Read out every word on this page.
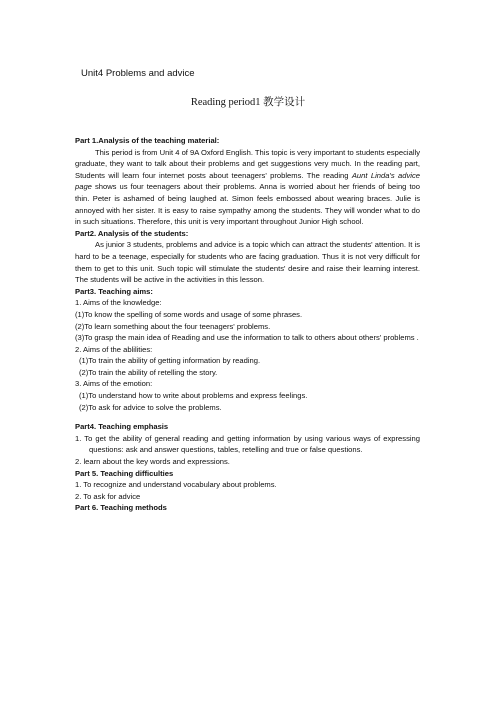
Unit4 Problems and advice
Reading period1 教学设计

Part 1.Analysis of the teaching material:

This period is from Unit 4 of 9A Oxford English. This topic is very important to students especially graduate, they want to talk about their problems and get suggestions very much. In the reading part, Students will learn four internet posts about teenagers' problems. The reading Aunt Linda's advice page shows us four teenagers about their problems. Anna is worried about her friends of being too thin. Peter is ashamed of being laughed at. Simon feels embossed about wearing braces. Julie is annoyed with her sister. It is easy to raise sympathy among the students. They will wonder what to do in such situations. Therefore, this unit is very important throughout Junior High school.

Part2. Analysis of the students:

As junior 3 students, problems and advice is a topic which can attract the students' attention. It is hard to be a teenage, especially for students who are facing graduation. Thus it is not very difficult for them to get to this unit. Such topic will stimulate the students' desire and raise their learning interest. The students will be active in the activities in this lesson.

Part3. Teaching aims:

1. Aims of the knowledge:

(1)To know the spelling of some words and usage of some phrases.

(2)To learn something about the four teenagers' problems.

(3)To grasp the main idea of Reading and use the information to talk to others about others' problems .

2. Aims of the ablilities:

(1)To train the ability of getting information by reading.

(2)To train the ability of retelling the story.

3. Aims of the emotion:

(1)To understand how to write about problems and express feelings.

(2)To ask for advice to solve the problems.

Part4. Teaching emphasis

1. To get the ability of general reading and getting information by using various ways of expressing questions: ask and answer questions, tables, retelling and true or false questions.

2. learn about the key words and expressions.

Part 5. Teaching difficulties

1. To recognize and understand vocabulary about problems.

2. To ask for advice

Part 6. Teaching methods
